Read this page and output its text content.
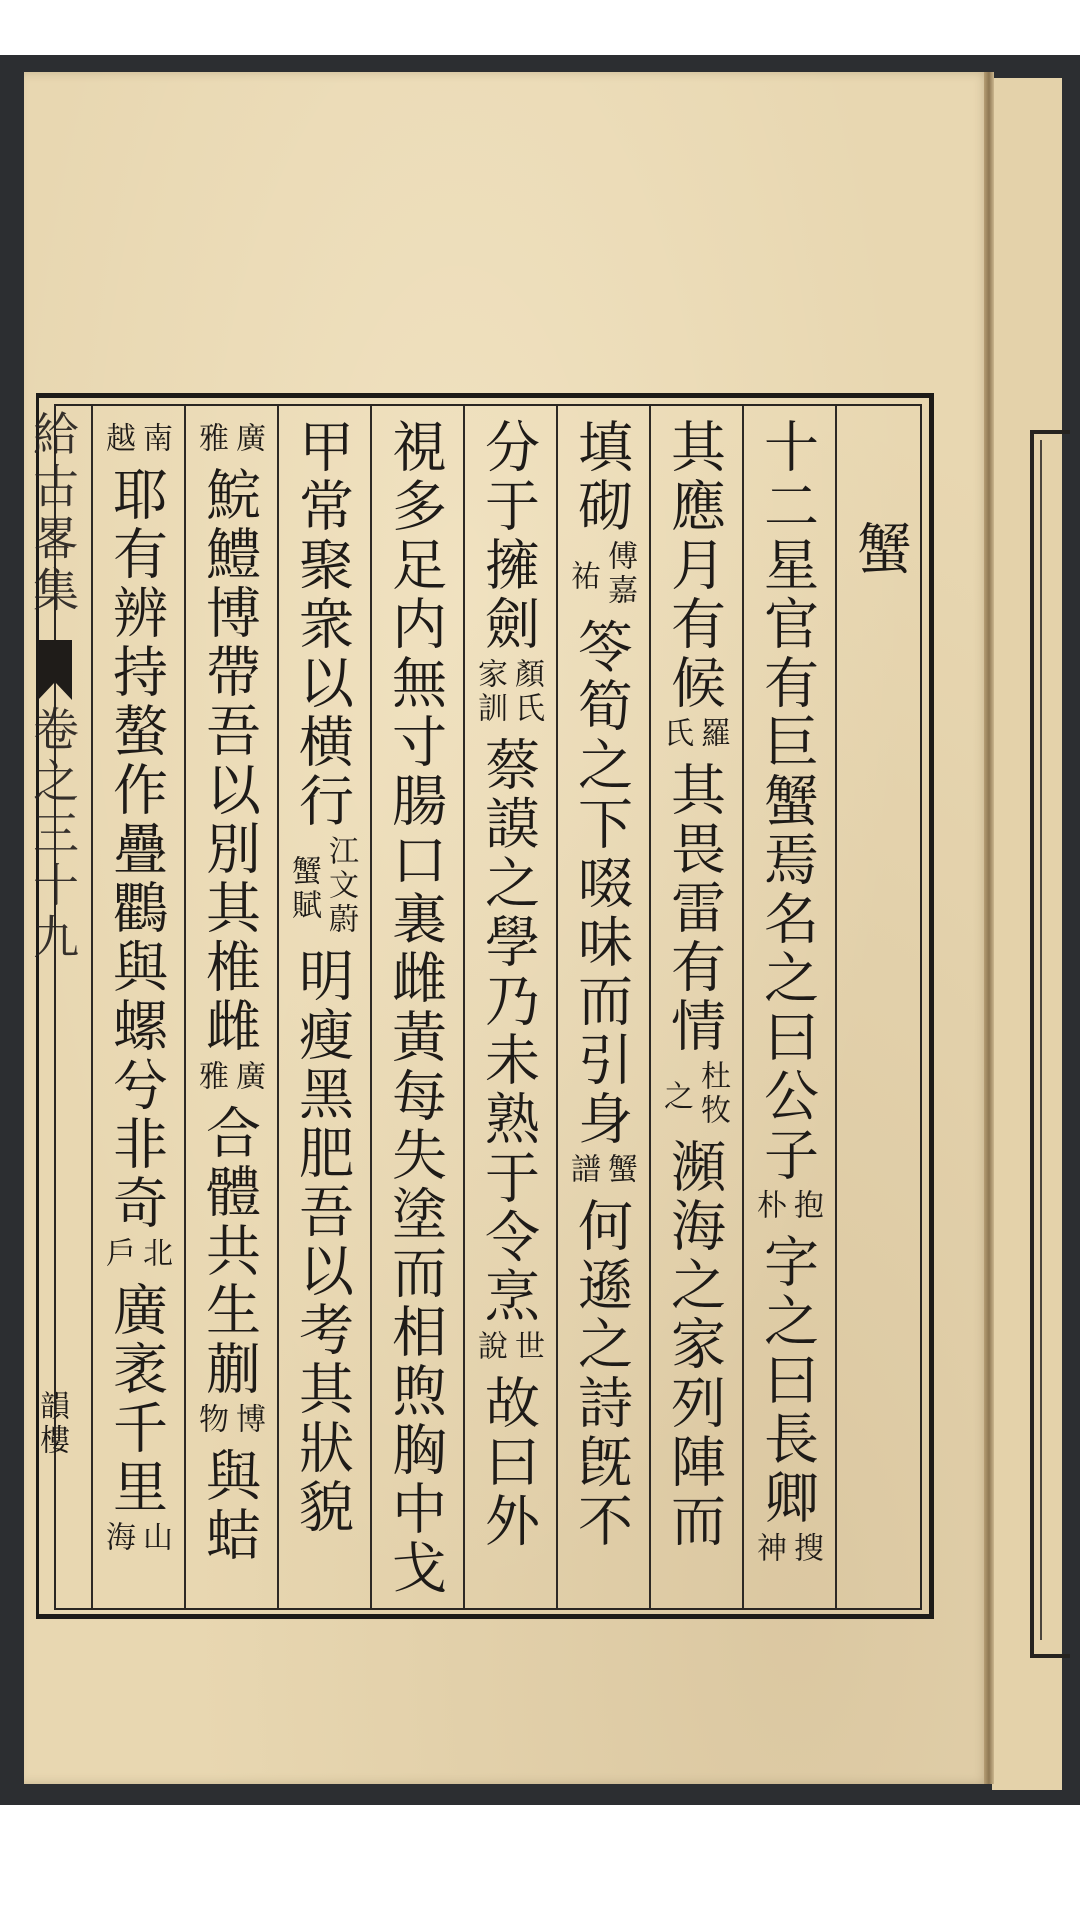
給古畧集

卷之三十九

韻樓

蟹

十二星官有巨蟹焉名之曰公子

抱

朴

字之曰長卿

搜

神

其應月有候

羅

氏

其畏雷有情

杜牧

之

瀕海之家列陣而

填砌

傅嘉

祐

笭筍之下啜味而引身

蟹

譜

何遜之詩旣不

分于擁劍

顏氏

家訓

蔡謨之學乃未熟于令烹

世

說

故曰外

視多足内無寸腸口裏雌黃每失塗而相煦胸中戈

甲常聚衆以横行

江文蔚

蟹賦

明瘦黑肥吾以考其狀貌

廣

雅

鯇鱧博帶吾以別其椎雌

廣

雅

合體共生蒯

博

物

與蛣

南

越

耶有辨持螯作疊鸜與螺兮非奇

北

戶

廣袤千里

山

海
